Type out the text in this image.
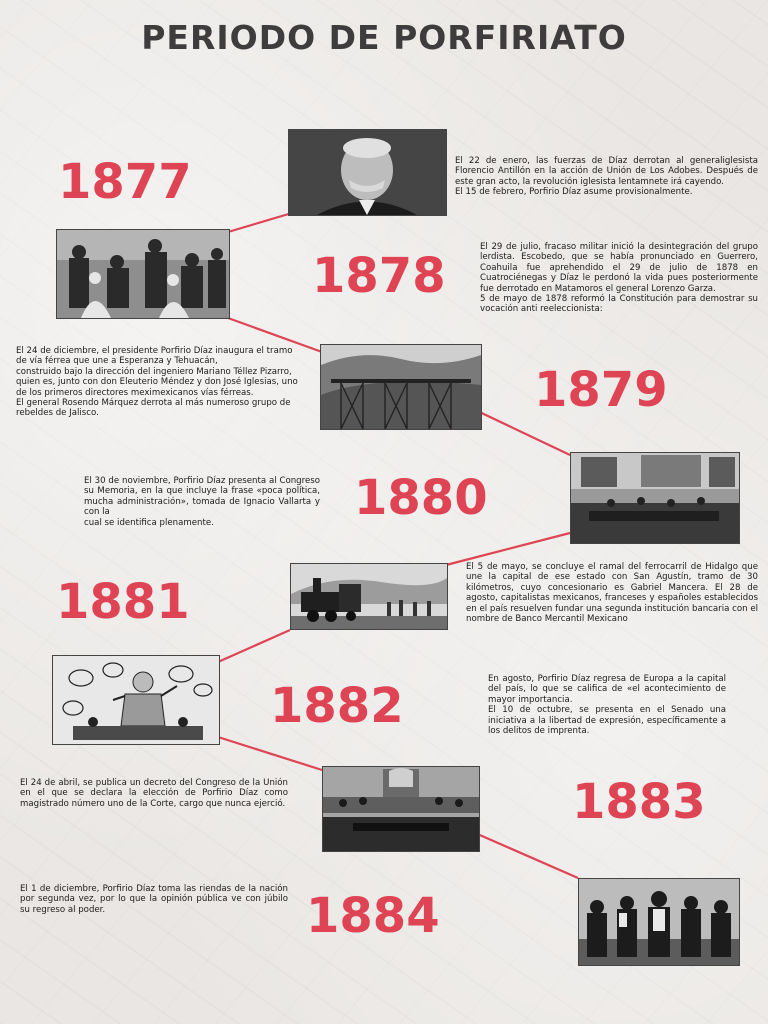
PERIODO DE PORFIRIATO
1877
1878
1879
1880
1881
1882
1883
1884

El 22 de enero, las fuerzas de Díaz derrotan al generaliglesista Florencio Antillón en la acción de Unión de Los Adobes. Después de este gran acto, la revolución iglesista lentamnete irá cayendo.

El 15 de febrero, Porfirio Díaz asume provisionalmente.

El 29 de julio, fracaso militar inició la desintegración del grupo lerdista. Escobedo, que se había pronunciado en Guerrero, Coahuila fue aprehendido el 29 de julio de 1878 en Cuatrociénegas y Díaz le perdonó la vida pues posteriormente fue derrotado en Matamoros el general Lorenzo Garza.

5 de mayo de 1878 reformó la Constitución para demostrar su vocación anti reeleccionista:

El 24 de diciembre, el presidente Porfirio Díaz inaugura el tramo de vía férrea que une a Esperanza y Tehuacán,

construido bajo la dirección del ingeniero Mariano Téllez Pizarro, quien es, junto con don Eleuterio Méndez y don José Iglesias, uno de los primeros directores meximexicanos vías férreas.

El general Rosendo Márquez derrota al más numeroso grupo de rebeldes de Jalisco.

El 30 de noviembre, Porfirio Díaz presenta al Congreso su Memoria, en la que incluye la frase «poca política, mucha administración», tomada de Ignacio Vallarta y con la

cual se identifica plenamente.

El 5 de mayo, se concluye el ramal del ferrocarril de Hidalgo que une la capital de ese estado con San Agustín, tramo de 30 kilómetros, cuyo concesionario es Gabriel Mancera. El 28 de agosto, capitalistas mexicanos, franceses y españoles establecidos en el país resuelven fundar una segunda institución bancaria con el nombre de Banco Mercantil Mexicano

En agosto, Porfirio Díaz regresa de Europa a la capital del país, lo que se califica de «el acontecimiento de mayor importancia.

El 10 de octubre, se presenta en el Senado una iniciativa a la libertad de expresión, específicamente a los delitos de imprenta.

El 24 de abril, se publica un decreto del Congreso de la Unión en el que se declara la elección de Porfirio Díaz como magistrado número uno de la Corte, cargo que nunca ejerció.

El 1 de diciembre, Porfirio Díaz toma las riendas de la nación por segunda vez, por lo que la opinión pública ve con júbilo su regreso al poder.
